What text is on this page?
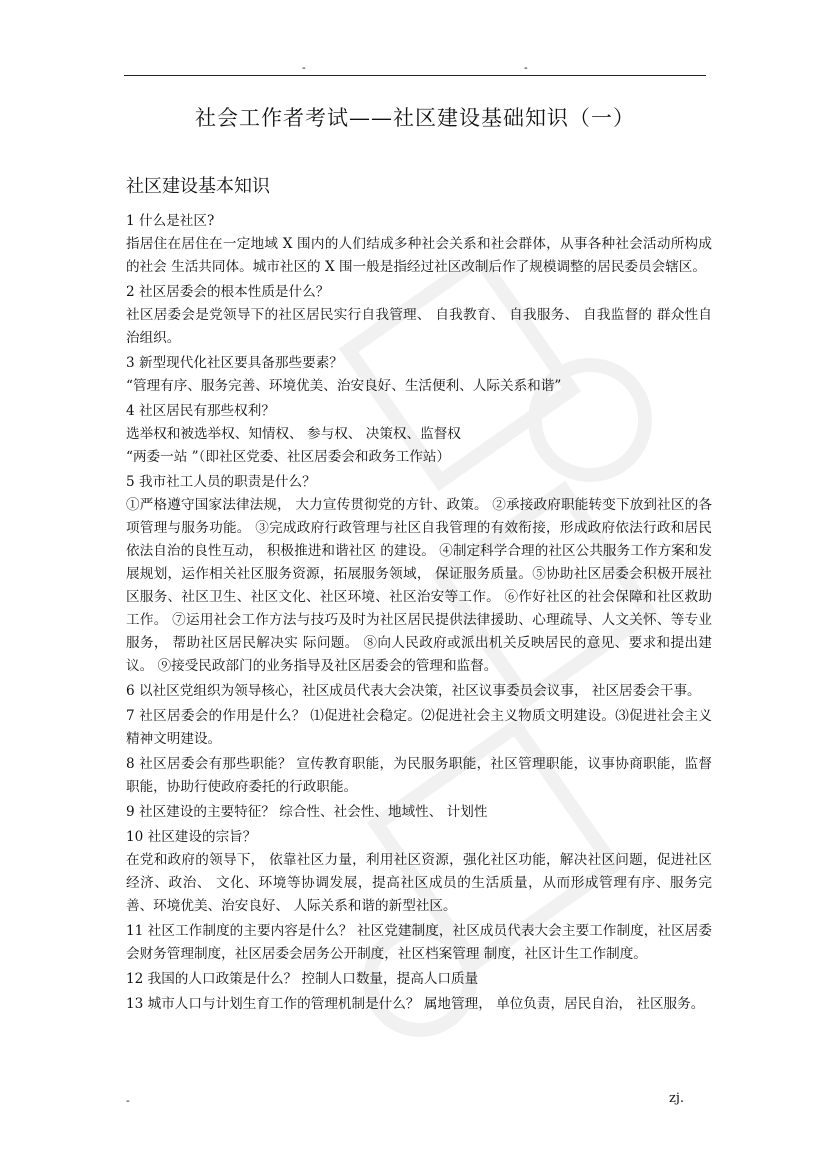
-	-
社会工作者考试——社区建设基础知识（一）
社区建设基本知识

1 什么是社区?

指居住在居住在一定地域 X 围内的人们结成多种社会关系和社会群体，从事各种社会活动所构成的社会 生活共同体。城市社区的 X 围一般是指经过社区改制后作了规模调整的居民委员会辖区。

2 社区居委会的根本性质是什么？

社区居委会是党领导下的社区居民实行自我管理、 自我教育、 自我服务、 自我监督的 群众性自治组织。

3 新型现代化社区要具备那些要素？

“管理有序、服务完善、环境优美、治安良好、生活便利、人际关系和谐”

4 社区居民有那些权利？

选举权和被选举权、知情权、 参与权、 决策权、监督权

“两委一站 ”（即社区党委、社区居委会和政务工作站）

5 我市社工人员的职责是什么？

①严格遵守国家法律法规， 大力宣传贯彻党的方针、政策。 ②承接政府职能转变下放到社区的各项管理与服务功能。 ③完成政府行政管理与社区自我管理的有效衔接，形成政府依法行政和居民依法自治的良性互动， 积极推进和谐社区 的建设。 ④制定科学合理的社区公共服务工作方案和发展规划，运作相关社区服务资源，拓展服务领域， 保证服务质量。⑤协助社区居委会积极开展社区服务、社区卫生、社区文化、社区环境、社区治安等工作。 ⑥作好社区的社会保障和社区救助工作。 ⑦运用社会工作方法与技巧及时为社区居民提供法律援助、心理疏导、人文关怀、等专业服务， 帮助社区居民解决实 际问题。 ⑧向人民政府或派出机关反映居民的意见、要求和提出建议。 ⑨接受民政部门的业务指导及社区居委会的管理和监督。

6 以社区党组织为领导核心，社区成员代表大会决策，社区议事委员会议事， 社区居委会干事。

7 社区居委会的作用是什么？ ⑴促进社会稳定。⑵促进社会主义物质文明建设。⑶促进社会主义精神文明建设。

8 社区居委会有那些职能？ 宣传教育职能，为民服务职能，社区管理职能，议事协商职能，监督职能，协助行使政府委托的行政职能。

9 社区建设的主要特征？ 综合性、社会性、地域性、 计划性

10 社区建设的宗旨？

在党和政府的领导下， 依靠社区力量，利用社区资源，强化社区功能，解决社区问题，促进社区 经济、政治、 文化、环境等协调发展，提高社区成员的生活质量，从而形成管理有序、服务完善、环境优美、治安良好、 人际关系和谐的新型社区。

11 社区工作制度的主要内容是什么？ 社区党建制度，社区成员代表大会主要工作制度，社区居委会财务管理制度，社区居委会居务公开制度，社区档案管理 制度，社区计生工作制度。

12 我国的人口政策是什么？ 控制人口数量，提高人口质量

13 城市人口与计划生育工作的管理机制是什么？ 属地管理， 单位负责，居民自治， 社区服务。

-	zj.
